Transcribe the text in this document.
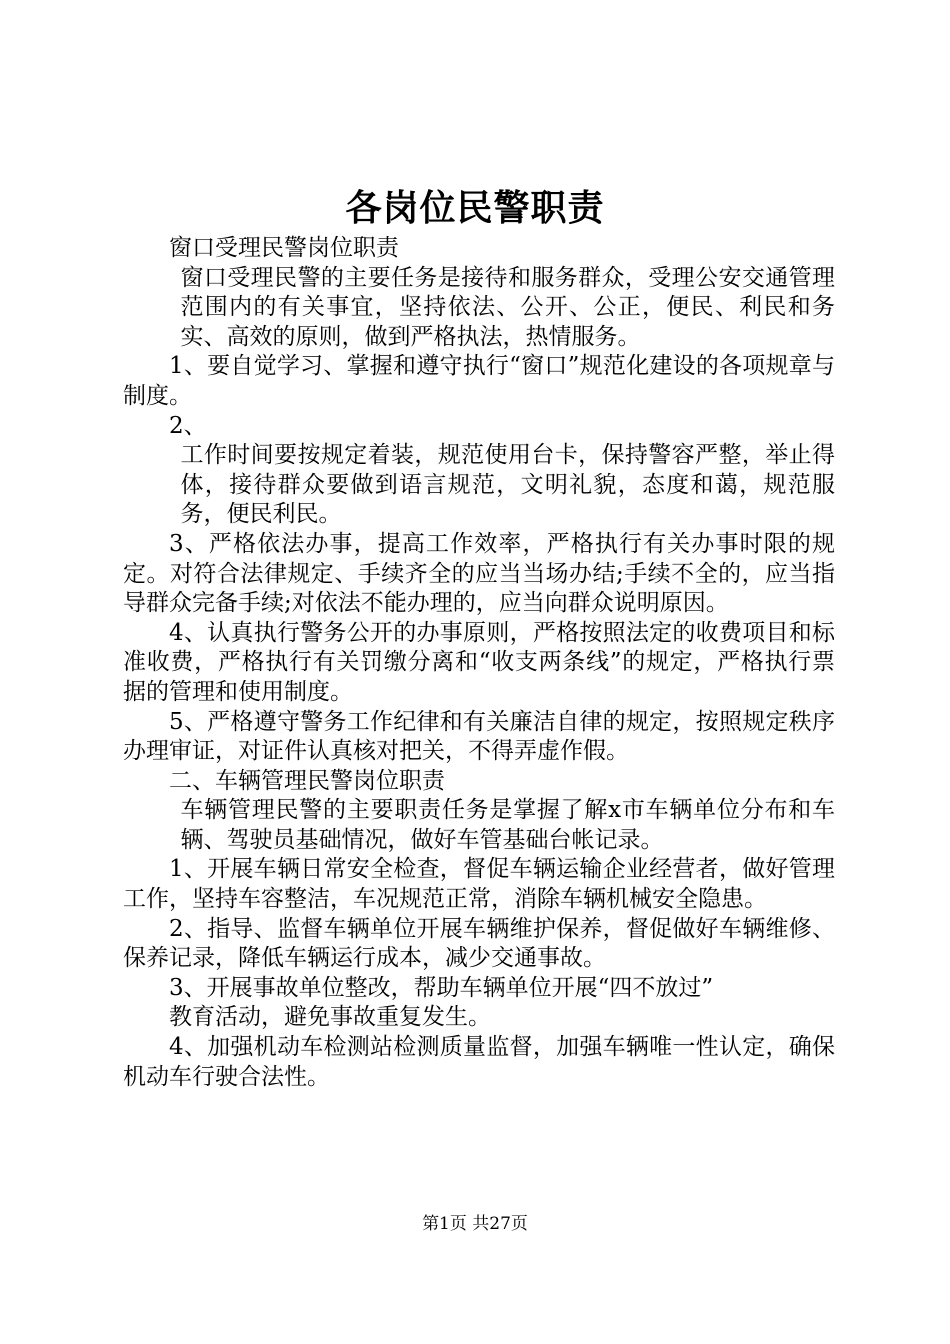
各岗位民警职责

窗口受理民警岗位职责

窗口受理民警的主要任务是接待和服务群众，受理公安交通管理范围内的有关事宜，坚持依法、公开、公正，便民、利民和务实、高效的原则，做到严格执法，热情服务。

1、要自觉学习、掌握和遵守执行“窗口”规范化建设的各项规章与制度。

2、

工作时间要按规定着装，规范使用台卡，保持警容严整，举止得体，接待群众要做到语言规范，文明礼貌，态度和蔼，规范服务，便民利民。

3、严格依法办事，提高工作效率，严格执行有关办事时限的规定。对符合法律规定、手续齐全的应当当场办结;手续不全的，应当指导群众完备手续;对依法不能办理的，应当向群众说明原因。

4、认真执行警务公开的办事原则，严格按照法定的收费项目和标准收费，严格执行有关罚缴分离和“收支两条线”的规定，严格执行票据的管理和使用制度。

5、严格遵守警务工作纪律和有关廉洁自律的规定，按照规定秩序办理审证，对证件认真核对把关，不得弄虚作假。

二、车辆管理民警岗位职责

车辆管理民警的主要职责任务是掌握了解x市车辆单位分布和车辆、驾驶员基础情况，做好车管基础台帐记录。

1、开展车辆日常安全检查，督促车辆运输企业经营者，做好管理工作，坚持车容整洁，车况规范正常，消除车辆机械安全隐患。

2、指导、监督车辆单位开展车辆维护保养，督促做好车辆维修、保养记录，降低车辆运行成本，减少交通事故。

3、开展事故单位整改，帮助车辆单位开展“四不放过”

教育活动，避免事故重复发生。

4、加强机动车检测站检测质量监督，加强车辆唯一性认定，确保机动车行驶合法性。

第1页 共27页
